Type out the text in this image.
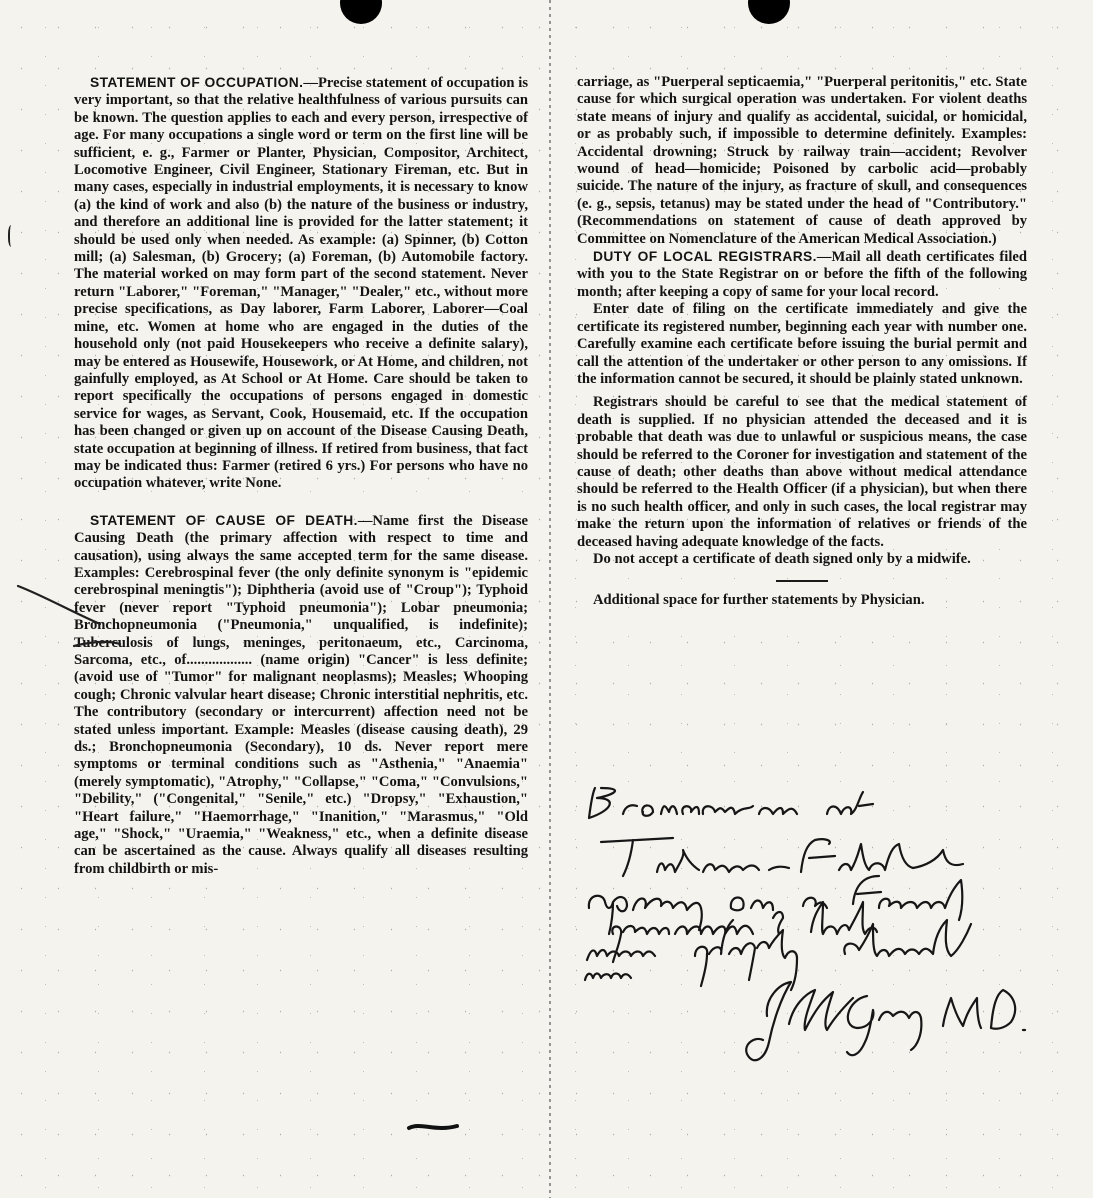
STATEMENT OF OCCUPATION.—Precise statement of occupation is very important, so that the relative healthfulness of various pursuits can be known. The question applies to each and every person, irrespective of age. For many occupations a single word or term on the first line will be sufficient, e. g., Farmer or Planter, Physician, Compositor, Architect, Locomotive Engineer, Civil Engineer, Stationary Fireman, etc. But in many cases, especially in industrial employments, it is necessary to know (a) the kind of work and also (b) the nature of the business or industry, and therefore an additional line is provided for the latter statement; it should be used only when needed. As example: (a) Spinner, (b) Cotton mill; (a) Salesman, (b) Grocery; (a) Foreman, (b) Automobile factory. The material worked on may form part of the second statement. Never return "Laborer," "Foreman," "Manager," "Dealer," etc., without more precise specifications, as Day laborer, Farm Laborer, Laborer—Coal mine, etc. Women at home who are engaged in the duties of the household only (not paid Housekeepers who receive a definite salary), may be entered as Housewife, Housework, or At Home, and children, not gainfully employed, as At School or At Home. Care should be taken to report specifically the occupations of persons engaged in domestic service for wages, as Servant, Cook, Housemaid, etc. If the occupation has been changed or given up on account of the Disease Causing Death, state occupation at beginning of illness. If retired from business, that fact may be indicated thus: Farmer (retired 6 yrs.) For persons who have no occupation whatever, write None.

STATEMENT OF CAUSE OF DEATH.—Name first the Disease Causing Death (the primary affection with respect to time and causation), using always the same accepted term for the same disease. Examples: Cerebrospinal fever (the only definite synonym is "epidemic cerebrospinal meningtis"); Diphtheria (avoid use of "Croup"); Typhoid fever (never report "Typhoid pneumonia"); Lobar pneumonia; Bronchopneumonia ("Pneumonia," unqualified, is indefinite); Tuberculosis of lungs, meninges, peritonaeum, etc., Carcinoma, Sarcoma, etc., of.................. (name origin) "Cancer" is less definite; (avoid use of "Tumor" for malignant neoplasms); Measles; Whooping cough; Chronic valvular heart disease; Chronic interstitial nephritis, etc. The contributory (secondary or intercurrent) affection need not be stated unless important. Example: Measles (disease causing death), 29 ds.; Bronchopneumonia (Secondary), 10 ds. Never report mere symptoms or terminal conditions such as "Asthenia," "Anaemia" (merely symptomatic), "Atrophy," "Collapse," "Coma," "Convulsions," "Debility," ("Congenital," "Senile," etc.) "Dropsy," "Exhaustion," "Heart failure," "Haemorrhage," "Inanition," "Marasmus," "Old age," "Shock," "Uraemia," "Weakness," etc., when a definite disease can be ascertained as the cause. Always qualify all diseases resulting from childbirth or mis-

carriage, as "Puerperal septicaemia," "Puerperal peritonitis," etc. State cause for which surgical operation was undertaken. For violent deaths state means of injury and qualify as accidental, suicidal, or homicidal, or as probably such, if impossible to determine definitely. Examples: Accidental drowning; Struck by railway train—accident; Revolver wound of head—homicide; Poisoned by carbolic acid—probably suicide. The nature of the injury, as fracture of skull, and consequences (e. g., sepsis, tetanus) may be stated under the head of "Contributory." (Recommendations on statement of cause of death approved by Committee on Nomenclature of the American Medical Association.)

DUTY OF LOCAL REGISTRARS.—Mail all death certificates filed with you to the State Registrar on or before the fifth of the following month; after keeping a copy of same for your local record.

Enter date of filing on the certificate immediately and give the certificate its registered number, beginning each year with number one. Carefully examine each certificate before issuing the burial permit and call the attention of the undertaker or other person to any omissions. If the information cannot be secured, it should be plainly stated unknown.

Registrars should be careful to see that the medical statement of death is supplied. If no physician attended the deceased and it is probable that death was due to unlawful or suspicious means, the case should be referred to the Coroner for investigation and statement of the cause of death; other deaths than above without medical attendance should be referred to the Health Officer (if a physician), but when there is no such health officer, and only in such cases, the local registrar may make the return upon the information of relatives or friends of the deceased having adequate knowledge of the facts.

Do not accept a certificate of death signed only by a midwife.

Additional space for further statements by Physician.
